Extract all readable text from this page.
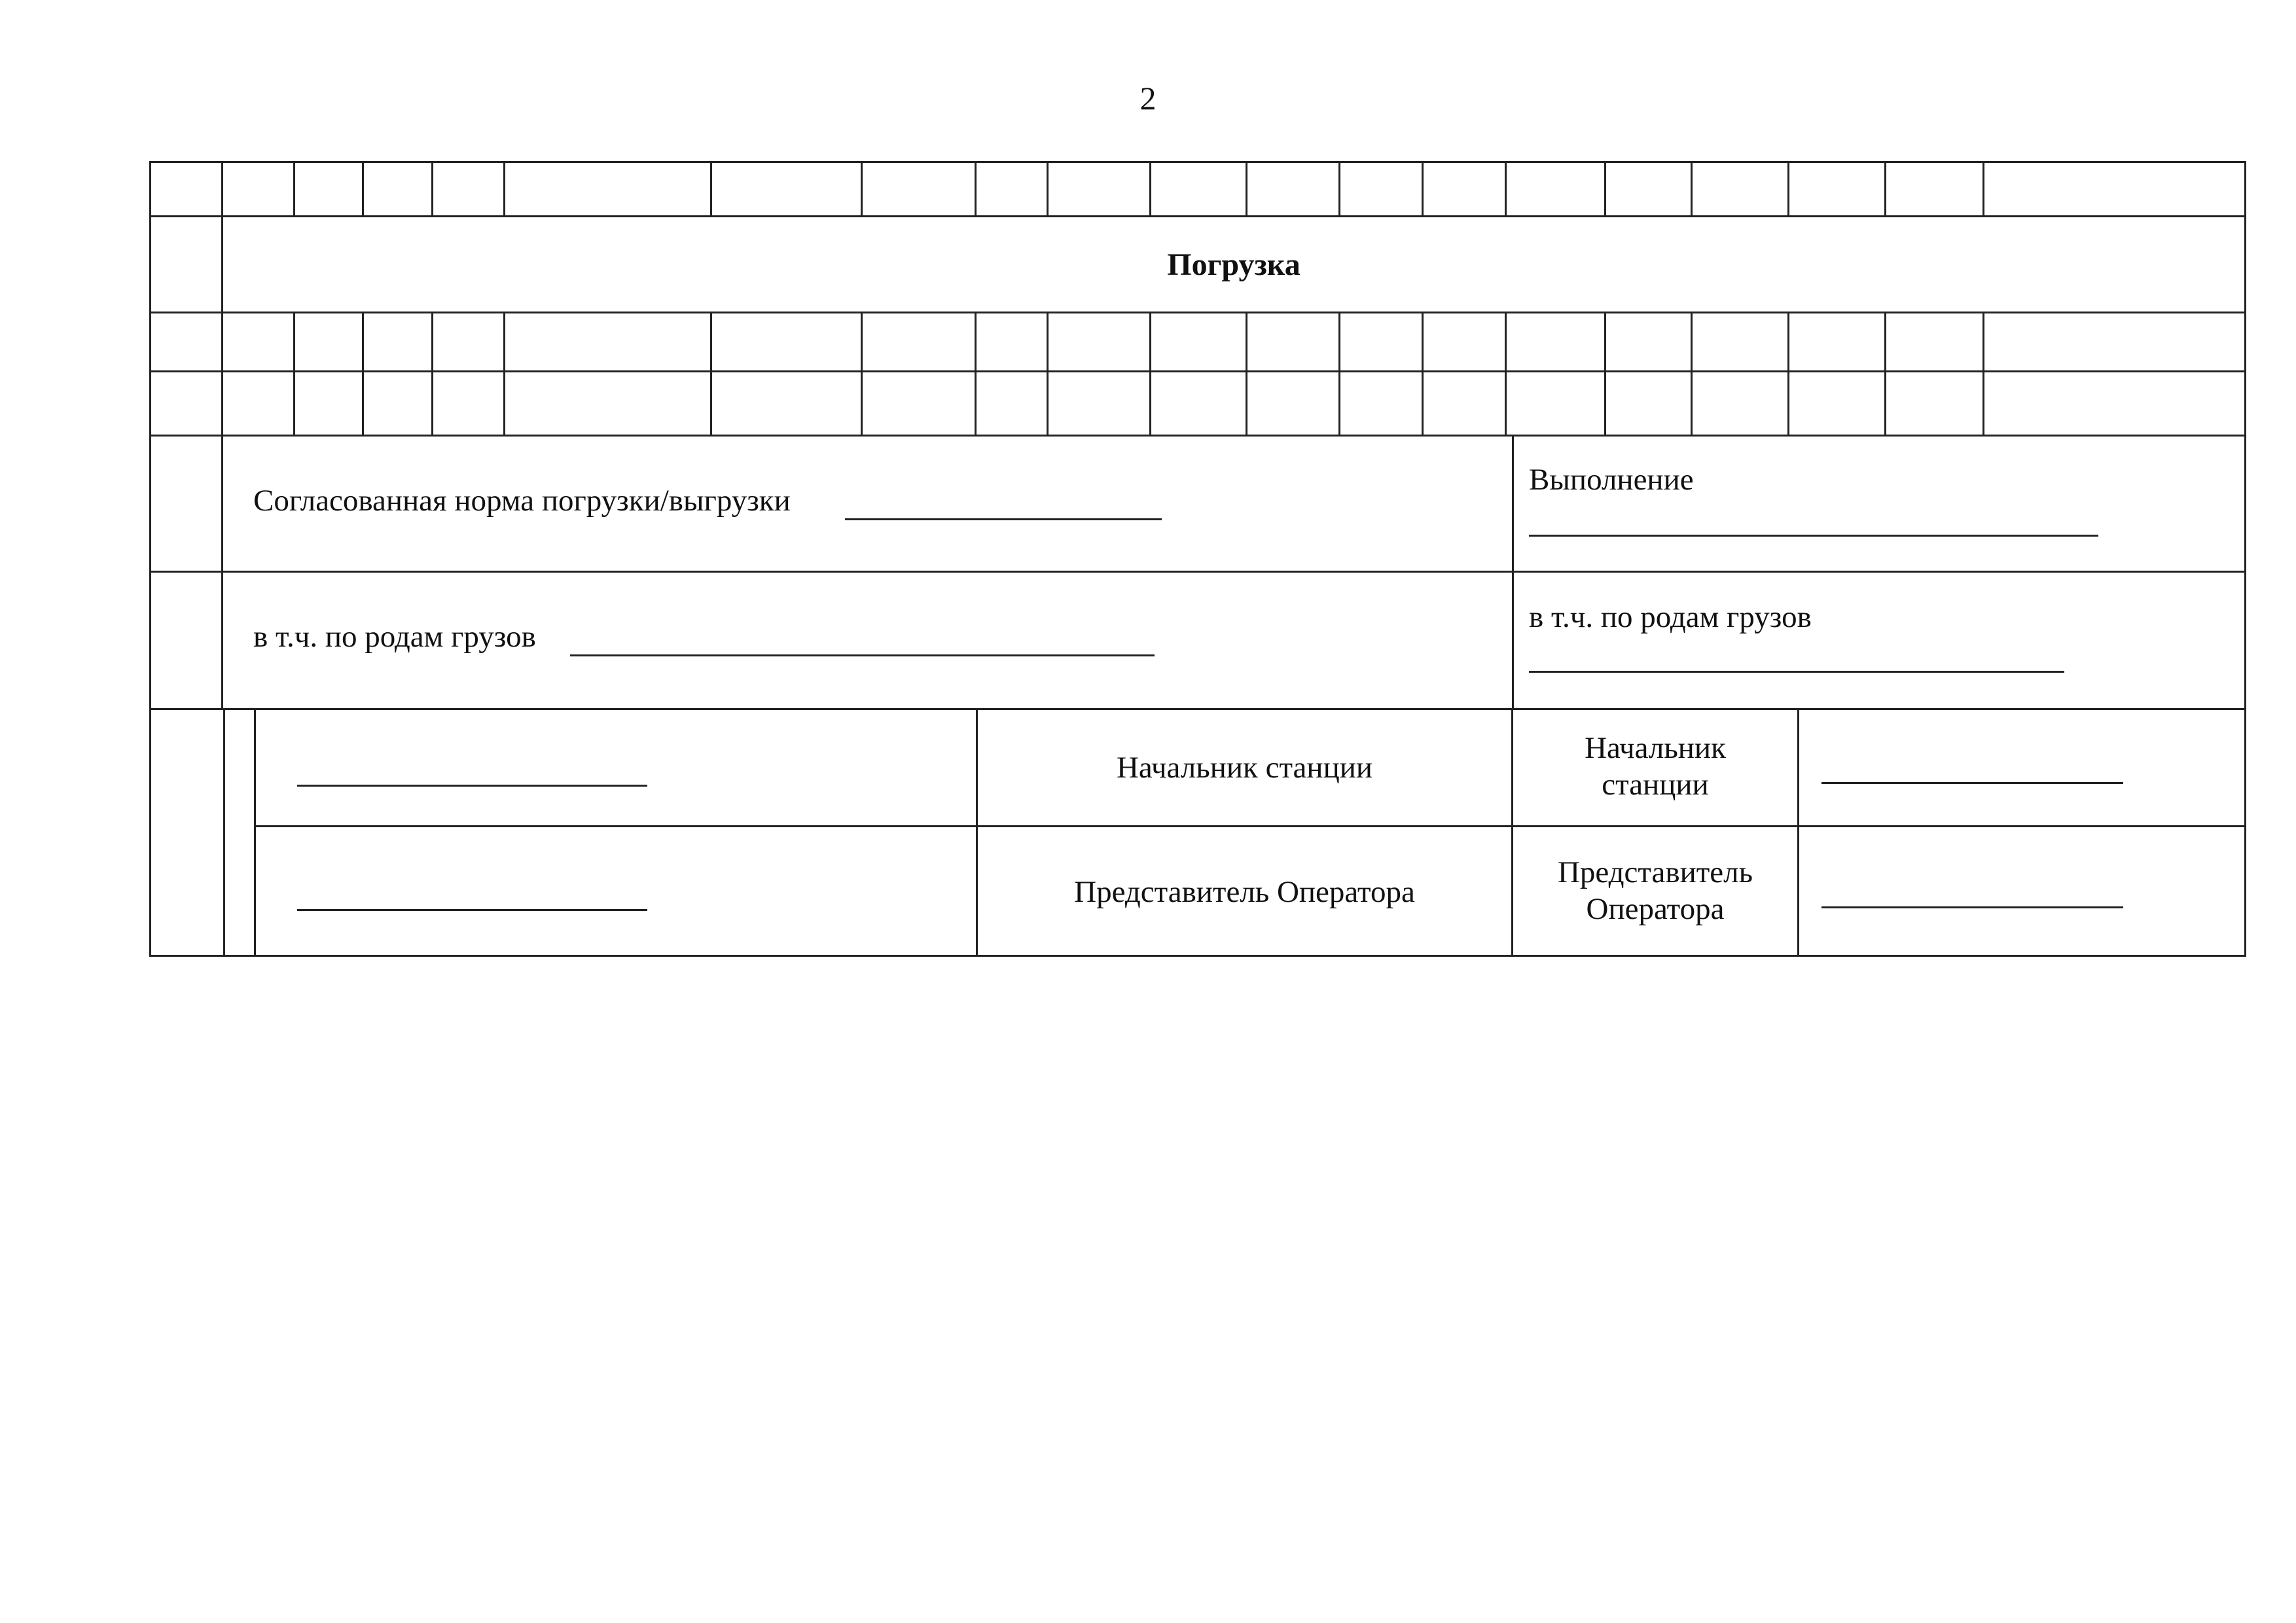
2
Погрузка
Согласованная норма погрузки/выгрузки
Выполнение
в т.ч. по родам грузов
в т.ч. по родам грузов
Начальник станции
Начальник
станции
Представитель Оператора
Представитель
Оператора
